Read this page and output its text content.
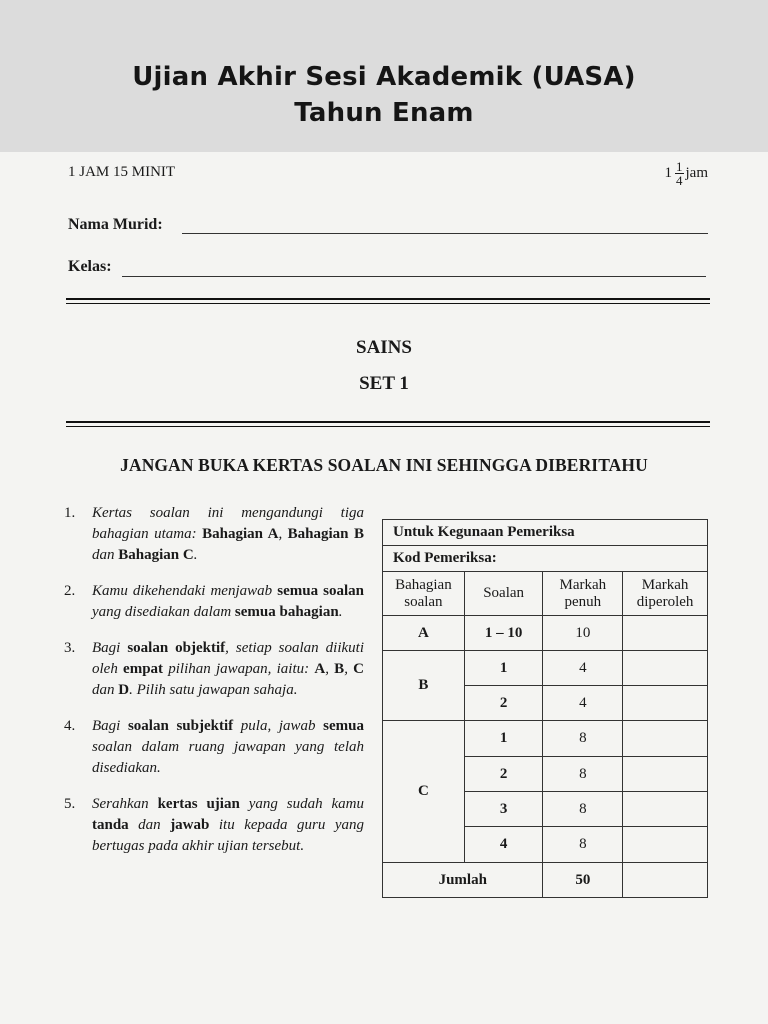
Ujian Akhir Sesi Akademik (UASA)
Tahun Enam
1 JAM 15 MINIT	$1 \frac{1}{4}$ jam
Nama Murid:
Kelas:
SAINS
SET 1
JANGAN BUKA KERTAS SOALAN INI SEHINGGA DIBERITAHU
1.	Kertas soalan ini mengandungi tiga bahagian utama: Bahagian A, Bahagian B dan Bahagian C.
2.	Kamu dikehendaki menjawab semua soalan yang disediakan dalam semua bahagian.
3.	Bagi soalan objektif, setiap soalan diikuti oleh empat pilihan jawapan, iaitu: A, B, C dan D. Pilih satu jawapan sahaja.
4.	Bagi soalan subjektif pula, jawab semua soalan dalam ruang jawapan yang telah disediakan.
5.	Serahkan kertas ujian yang sudah kamu tanda dan jawab itu kepada guru yang bertugas pada akhir ujian tersebut.
Untuk Kegunaan Pemeriksa			
Kod Pemeriksa:			
Bahagian soalan	Soalan	Markah penuh	Markah diperoleh
A	1 – 10	10	
B	1	4	
	2	4	
C	1	8	
	2	8	
	3	8	
	4	8	
Jumlah		50	
